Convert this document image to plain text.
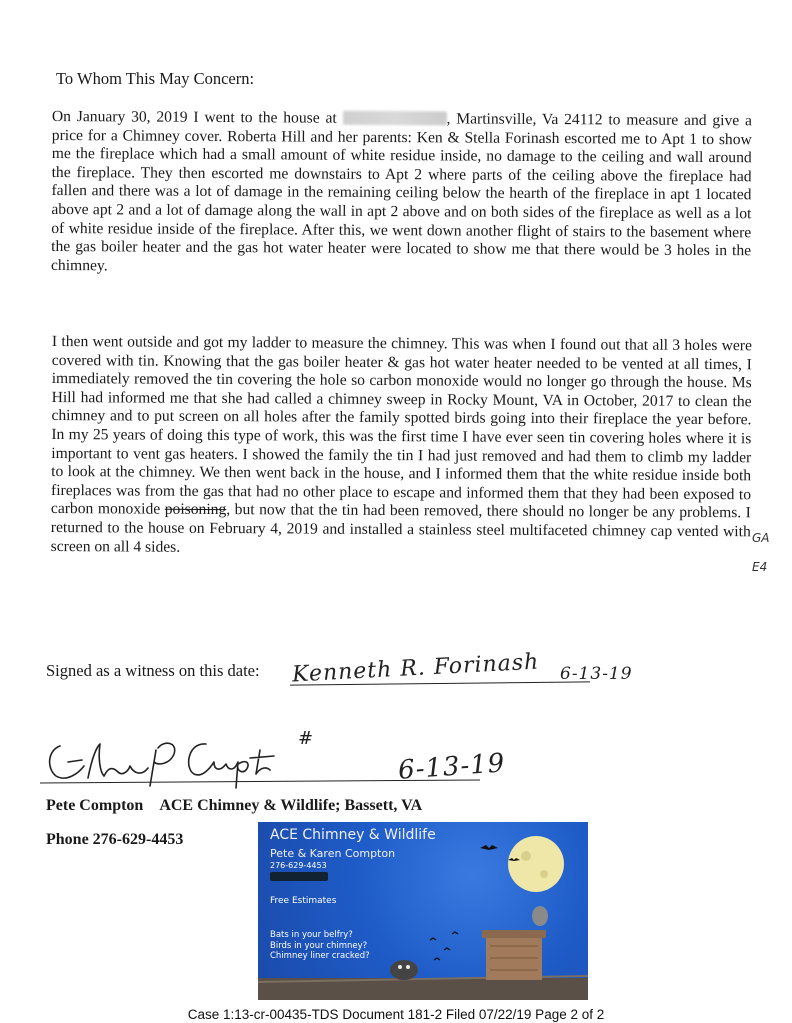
To Whom This May Concern:

On January 30, 2019 I went to the house at	, Martinsville, Va 24112 to measure and give a price for a Chimney cover. Roberta Hill and her parents: Ken & Stella Forinash escorted me to Apt 1 to show me the fireplace which had a small amount of white residue inside, no damage to the ceiling and wall around the fireplace. They then escorted me downstairs to Apt 2 where parts of the ceiling above the fireplace had fallen and there was a lot of damage in the remaining ceiling below the hearth of the fireplace in apt 1 located above apt 2 and a lot of damage along the wall in apt 2 above and on both sides of the fireplace as well as a lot of white residue inside of the fireplace. After this, we went down another flight of stairs to the basement where the gas boiler heater and the gas hot water heater were located to show me that there would be 3 holes in the chimney.

I then went outside and got my ladder to measure the chimney. This was when I found out that all 3 holes were covered with tin. Knowing that the gas boiler heater & gas hot water heater needed to be vented at all times, I immediately removed the tin covering the hole so carbon monoxide would no longer go through the house. Ms Hill had informed me that she had called a chimney sweep in Rocky Mount, VA in October, 2017 to clean the chimney and to put screen on all holes after the family spotted birds going into their fireplace the year before. In my 25 years of doing this type of work, this was the first time I have ever seen tin covering holes where it is important to vent gas heaters. I showed the family the tin I had just removed and had them to climb my ladder to look at the chimney. We then went back in the house, and I informed them that the white residue inside both fireplaces was from the gas that had no other place to escape and informed them that they had been exposed to carbon monoxide poisoning, but now that the tin had been removed, there should no longer be any problems. I returned to the house on February 4, 2019 and installed a stainless steel multifaceted chimney cap vented with screen on all 4 sides.	GA
E4
Signed as a witness on this date: Kenneth R. Forinash 6-13-19
#
6-13-19
Pete Compton ACE Chimney & Wildlife; Bassett, VA
Phone 276-629-4453	ACE Chimney & Wildlife
Pete & Karen Compton
276-629-4453
Free Estimates
Bats in your belfry?
Birds in your chimney?
Chimney liner cracked?
Case 1:13-cr-00435-TDS Document 181-2 Filed 07/22/19 Page 2 of 2
